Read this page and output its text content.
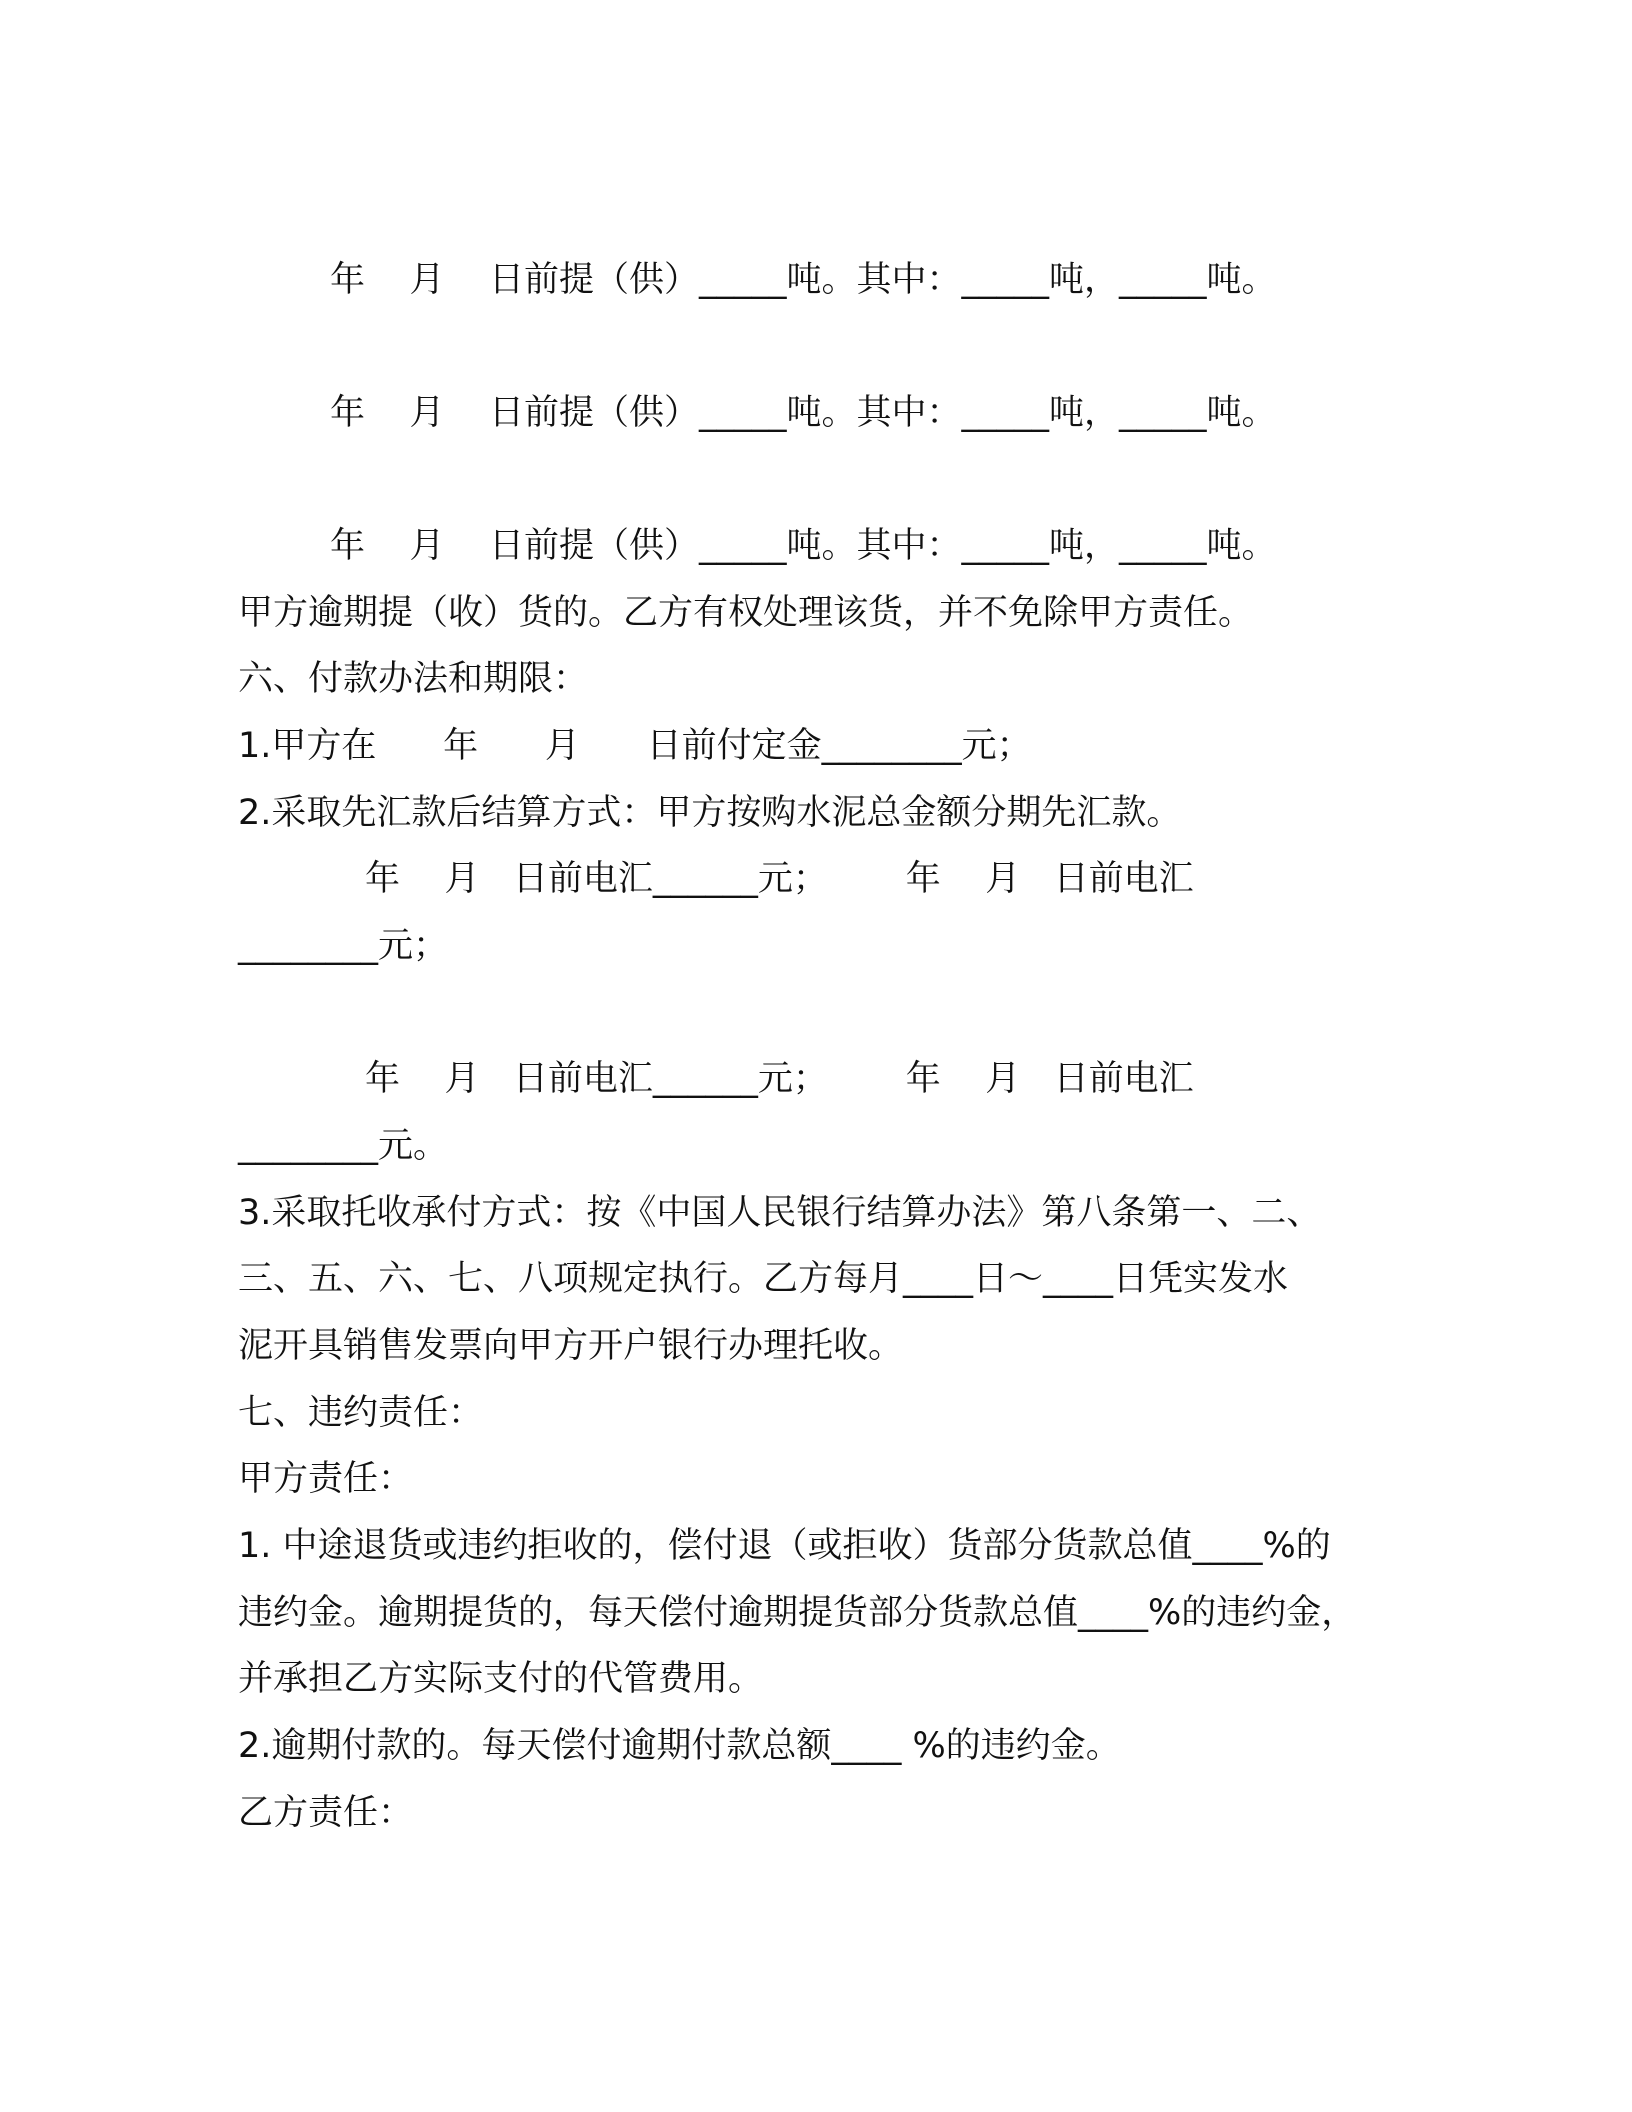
年    月    日前提（供）_____吨。其中：_____吨，_____吨。
年    月    日前提（供）_____吨。其中：_____吨，_____吨。
年    月    日前提（供）_____吨。其中：_____吨，_____吨。
甲方逾期提（收）货的。乙方有权处理该货，并不免除甲方责任。
六、付款办法和期限：
1.甲方在      年      月      日前付定金________元；
2.采取先汇款后结算方式：甲方按购水泥总金额分期先汇款。
年    月   日前电汇______元；       年    月   日前电汇
________元；
年    月   日前电汇______元；       年    月   日前电汇
________元。
3.采取托收承付方式：按《中国人民银行结算办法》第八条第一、二、
三、五、六、七、八项规定执行。乙方每月____日～____日凭实发水
泥开具销售发票向甲方开户银行办理托收。
七、违约责任：
甲方责任：
1. 中途退货或违约拒收的，偿付退（或拒收）货部分货款总值____%的
违约金。逾期提货的，每天偿付逾期提货部分货款总值____%的违约金，
并承担乙方实际支付的代管费用。
2.逾期付款的。每天偿付逾期付款总额____ %的违约金。
乙方责任：
